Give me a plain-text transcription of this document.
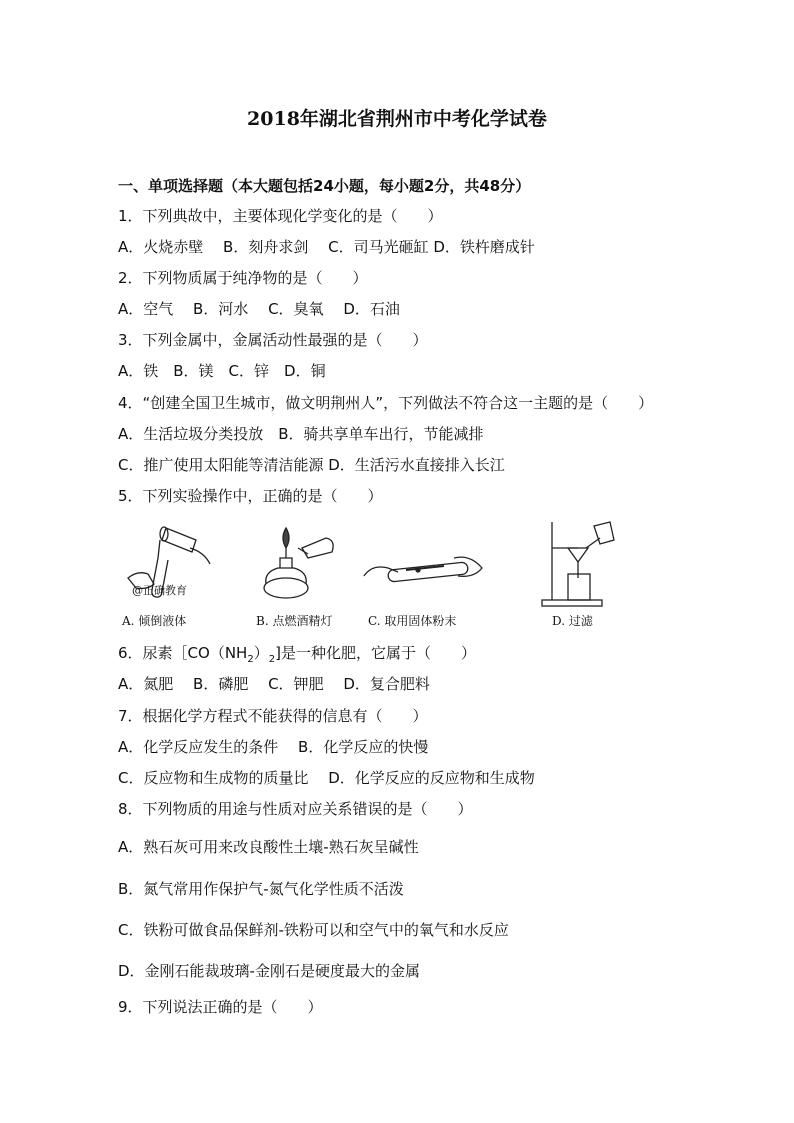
2018年湖北省荆州市中考化学试卷
一、单项选择题（本大题包括24小题，每小题2分，共48分）
1．下列典故中，主要体现化学变化的是（　　）
A．火烧赤壁　 B．刻舟求剑　 C．司马光砸缸 D．铁杵磨成针
2．下列物质属于纯净物的是（　　）
A．空气　 B．河水　 C．臭氧　 D．石油
3．下列金属中，金属活动性最强的是（　　）
A．铁　B．镁　C．锌　D．铜
4．“创建全国卫生城市，做文明荆州人”，下列做法不符合这一主题的是（　　）
A．生活垃圾分类投放　B．骑共享单车出行，节能减排
C．推广使用太阳能等清洁能源 D．生活污水直接排入长江
5．下列实验操作中，正确的是（　　）
@正确教育
A. 倾倒液体	B. 点燃酒精灯	C. 取用固体粉末	D. 过滤
6．尿素$[CO(NH_2)_2$]是一种化肥，它属于（　　）
A．氮肥　 B．磷肥　 C．钾肥　 D．复合肥料
7．根据化学方程式不能获得的信息有（　　）
A．化学反应发生的条件　 B．化学反应的快慢
C．反应物和生成物的质量比　 D．化学反应的反应物和生成物
8．下列物质的用途与性质对应关系错误的是（　　）
A．熟石灰可用来改良酸性土壤-熟石灰呈碱性
B．氮气常用作保护气-氮气化学性质不活泼
C．铁粉可做食品保鲜剂-铁粉可以和空气中的氧气和水反应
D．金刚石能裁玻璃-金刚石是硬度最大的金属
9．下列说法正确的是（　　）
